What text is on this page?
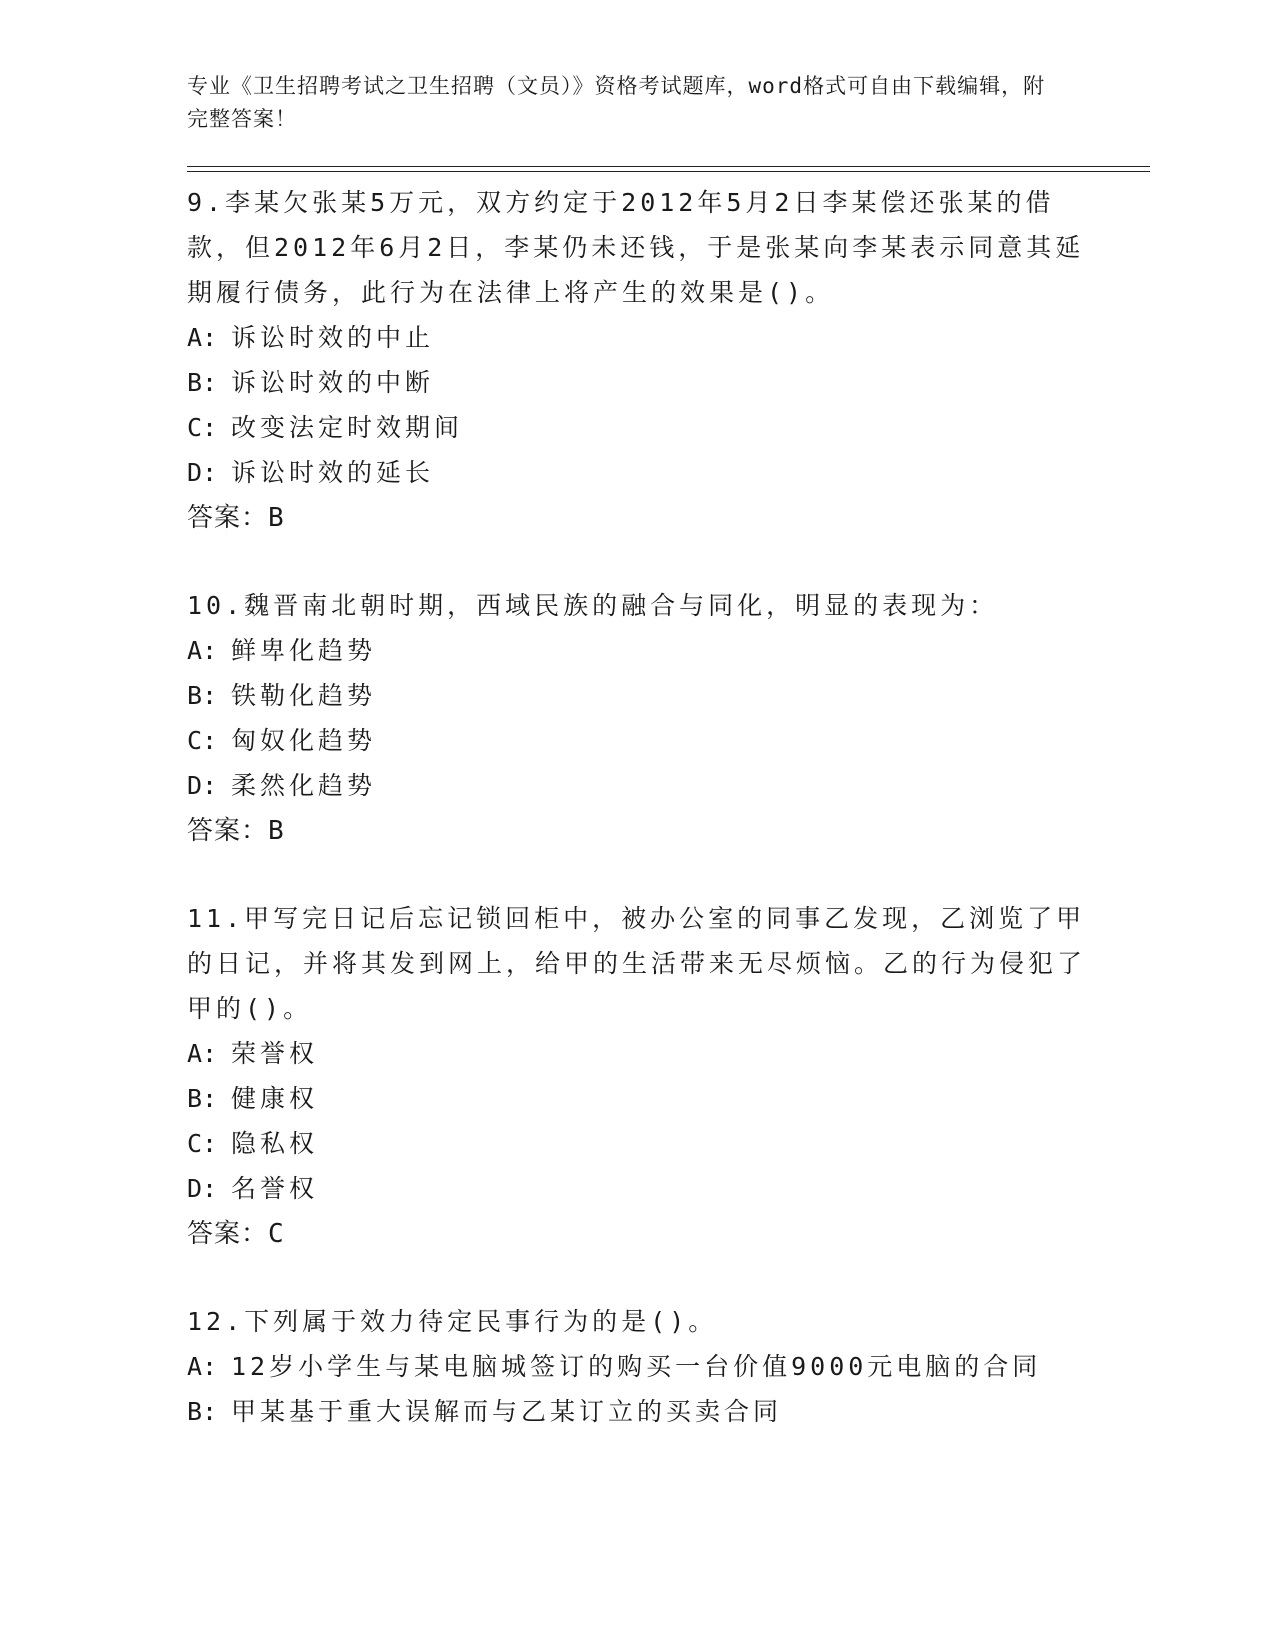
专业《卫生招聘考试之卫生招聘（文员）》资格考试题库，word格式可自由下载编辑，附完整答案！

9.李某欠张某5万元，双方约定于2012年5月2日李某偿还张某的借款，但2012年6月2日，李某仍未还钱，于是张某向李某表示同意其延期履行债务，此行为在法律上将产生的效果是()。

A: 诉讼时效的中止

B: 诉讼时效的中断

C: 改变法定时效期间

D: 诉讼时效的延长

答案：B

10.魏晋南北朝时期，西域民族的融合与同化，明显的表现为：

A: 鲜卑化趋势

B: 铁勒化趋势

C: 匈奴化趋势

D: 柔然化趋势

答案：B

11.甲写完日记后忘记锁回柜中，被办公室的同事乙发现，乙浏览了甲的日记，并将其发到网上，给甲的生活带来无尽烦恼。乙的行为侵犯了甲的()。

A: 荣誉权

B: 健康权

C: 隐私权

D: 名誉权

答案：C

12.下列属于效力待定民事行为的是()。

A: 12岁小学生与某电脑城签订的购买一台价值9000元电脑的合同

B: 甲某基于重大误解而与乙某订立的买卖合同
